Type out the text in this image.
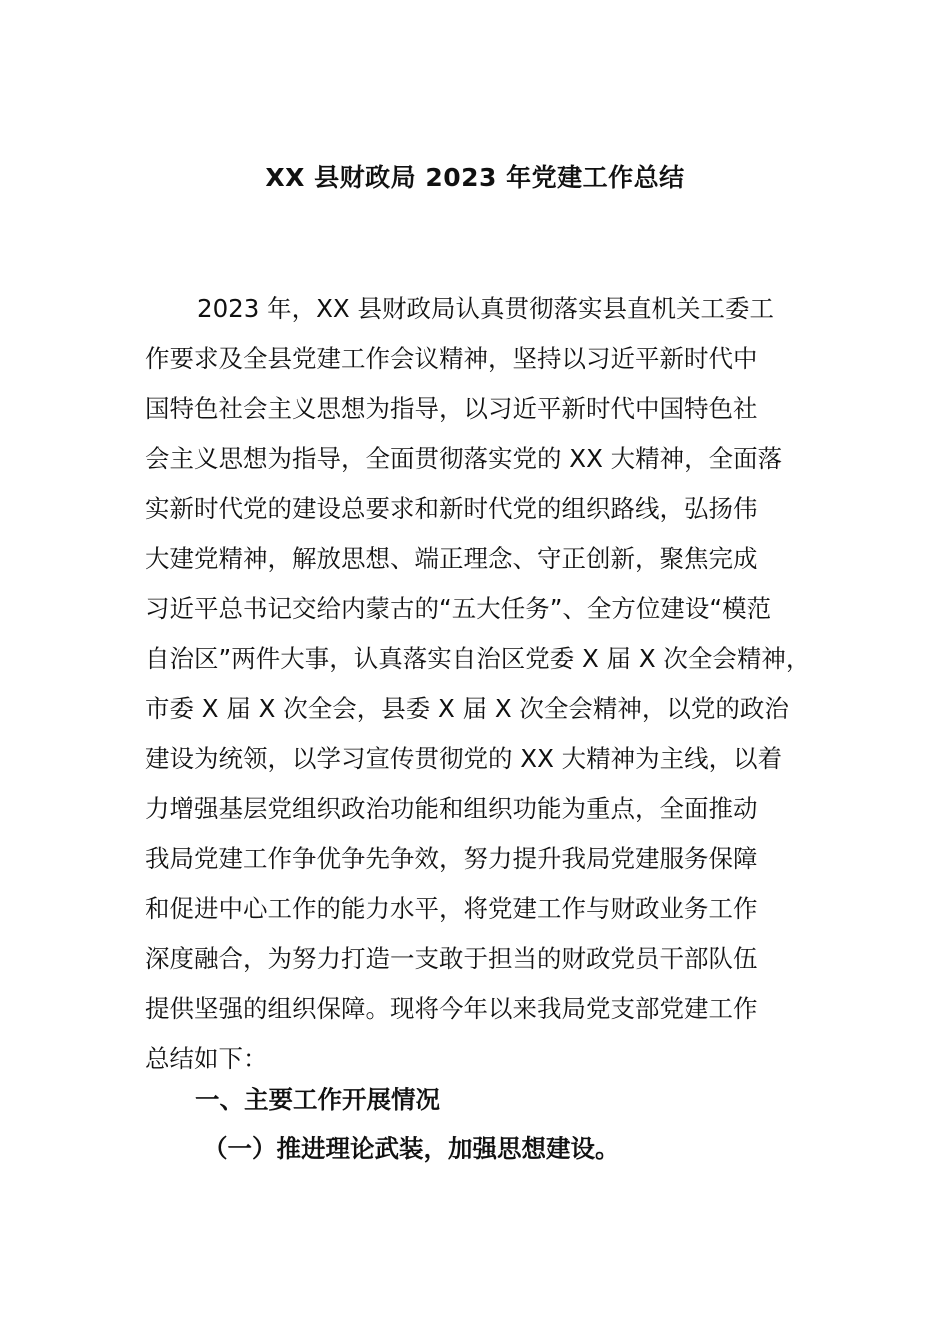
XX 县财政局 2023 年党建工作总结
2023 年，XX 县财政局认真贯彻落实县直机关工委工
作要求及全县党建工作会议精神，坚持以习近平新时代中
国特色社会主义思想为指导，以习近平新时代中国特色社
会主义思想为指导，全面贯彻落实党的 XX 大精神，全面落
实新时代党的建设总要求和新时代党的组织路线，弘扬伟
大建党精神，解放思想、端正理念、守正创新，聚焦完成
习近平总书记交给内蒙古的“五大任务”、全方位建设“模范
自治区”两件大事，认真落实自治区党委 X 届 X 次全会精神，
市委 X 届 X 次全会，县委 X 届 X 次全会精神，以党的政治
建设为统领，以学习宣传贯彻党的 XX 大精神为主线，以着
力增强基层党组织政治功能和组织功能为重点，全面推动
我局党建工作争优争先争效，努力提升我局党建服务保障
和促进中心工作的能力水平，将党建工作与财政业务工作
深度融合，为努力打造一支敢于担当的财政党员干部队伍
提供坚强的组织保障。现将今年以来我局党支部党建工作
总结如下：
一、主要工作开展情况
（一）推进理论武装，加强思想建设。
